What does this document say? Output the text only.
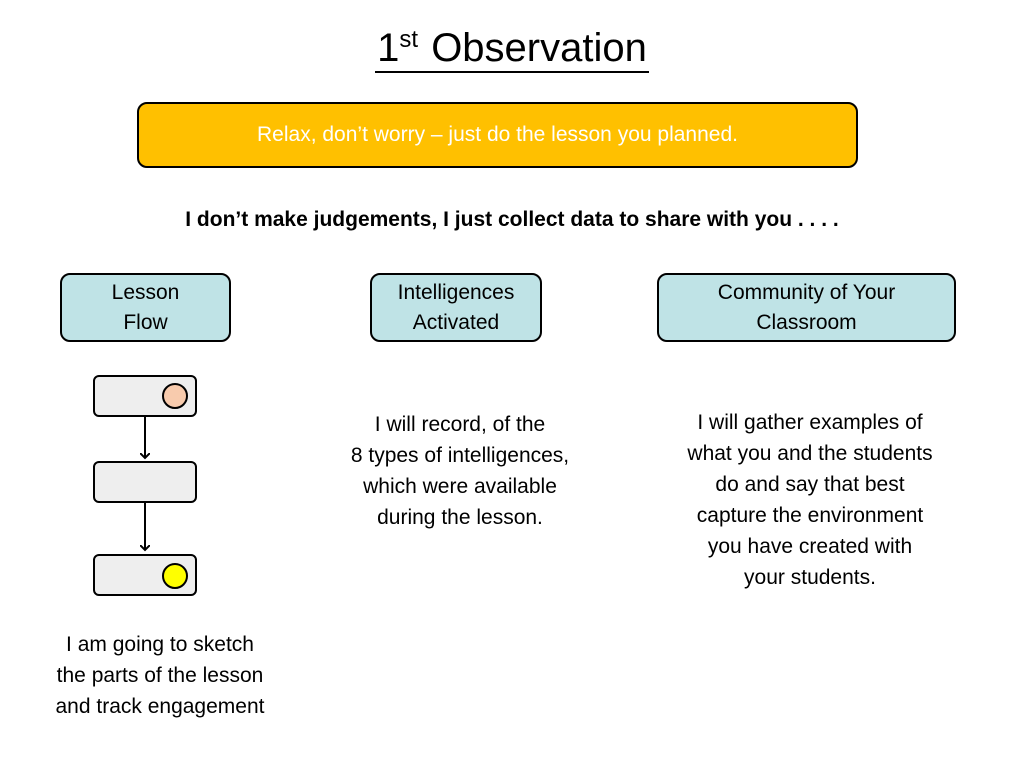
1st Observation
Relax, don’t worry – just do the lesson you planned.
I don’t make judgements, I just collect data to share with you . . . .
Lesson
Flow
Intelligences
Activated
Community of Your
Classroom
I am going to sketch
the parts of the lesson
and track engagement
I will record, of the
8 types of intelligences,
which were available
during the lesson.
I will gather examples of
what you and the students
do and say that best
capture the environment
you have created with
your students.
